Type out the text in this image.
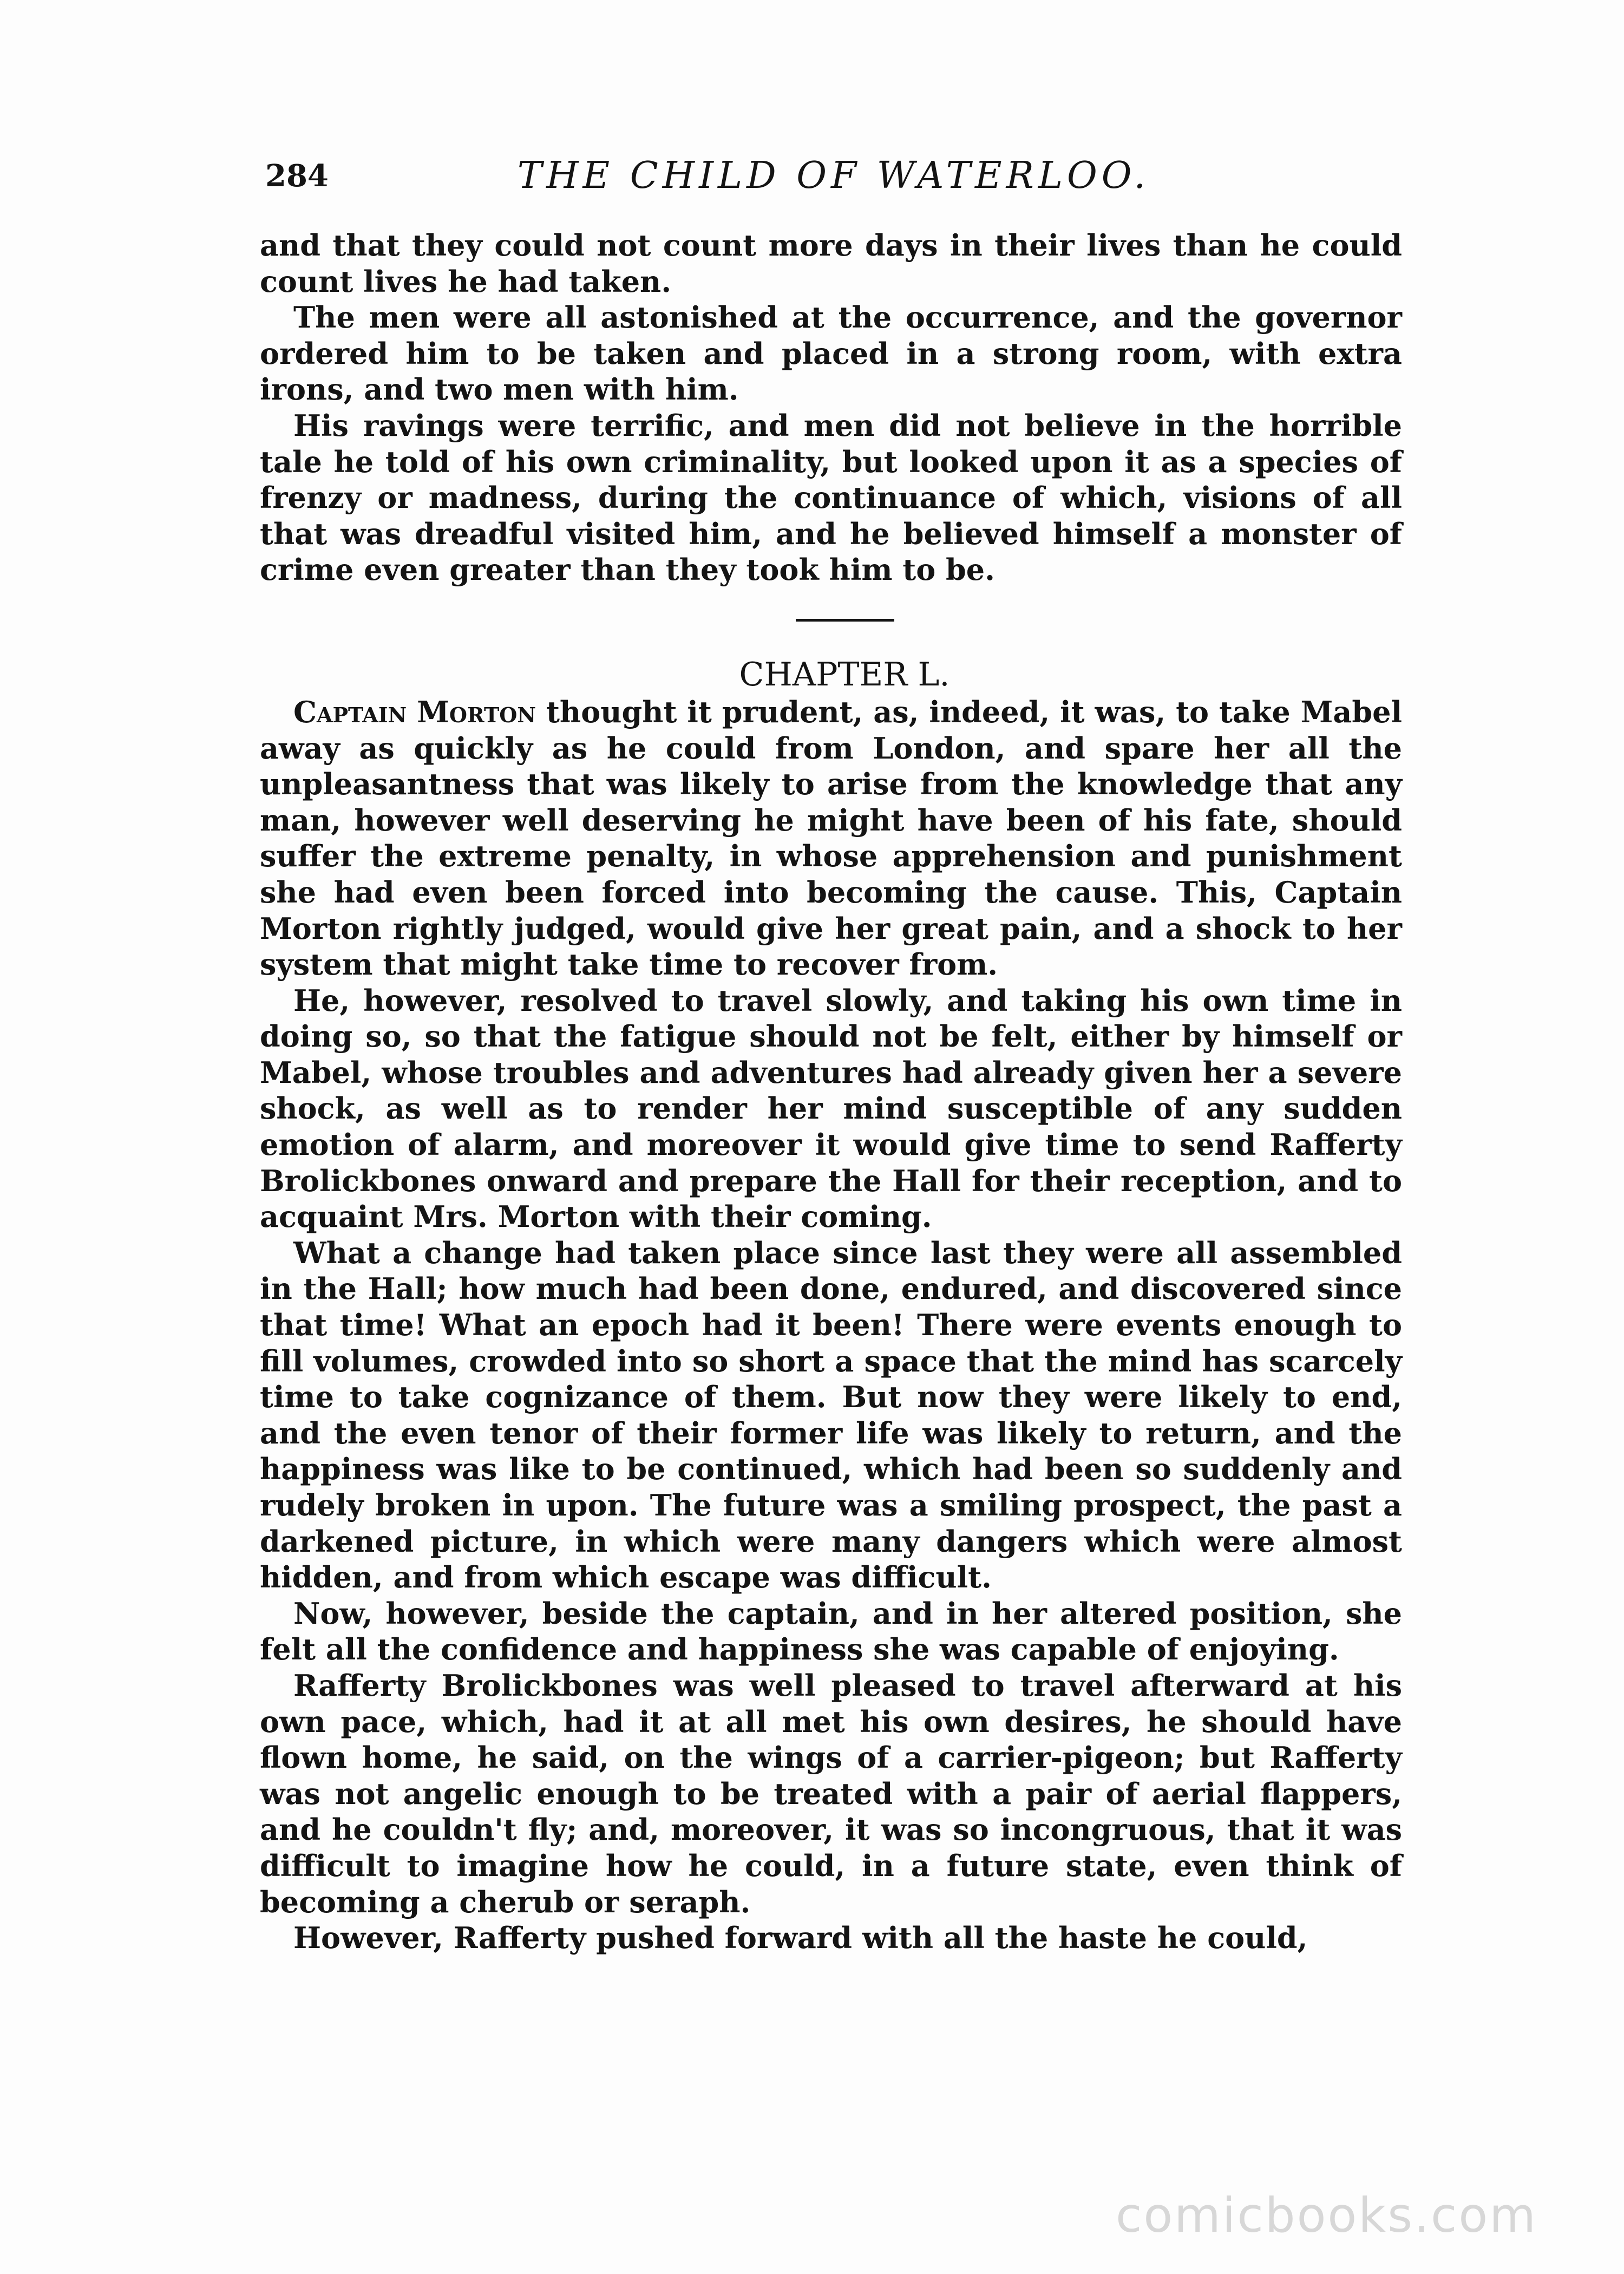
284	THE CHILD OF WATERLOO.

and that they could not count more days in their lives than he could count lives he had taken.

The men were all astonished at the occurrence, and the governor ordered him to be taken and placed in a strong room, with extra irons, and two men with him.

His ravings were terrific, and men did not believe in the horrible tale he told of his own criminality, but looked upon it as a species of frenzy or madness, during the continuance of which, visions of all that was dreadful visited him, and he believed himself a monster of crime even greater than they took him to be.

CHAPTER L.

Captain Morton thought it prudent, as, indeed, it was, to take Mabel away as quickly as he could from London, and spare her all the unpleasantness that was likely to arise from the knowledge that any man, however well deserving he might have been of his fate, should suffer the extreme penalty, in whose apprehension and punishment she had even been forced into becoming the cause. This, Captain Morton rightly judged, would give her great pain, and a shock to her system that might take time to recover from.

He, however, resolved to travel slowly, and taking his own time in doing so, so that the fatigue should not be felt, either by himself or Mabel, whose troubles and adventures had already given her a severe shock, as well as to render her mind susceptible of any sudden emotion of alarm, and moreover it would give time to send Rafferty Brolickbones onward and prepare the Hall for their reception, and to acquaint Mrs. Morton with their coming.

What a change had taken place since last they were all assembled in the Hall; how much had been done, endured, and discovered since that time! What an epoch had it been! There were events enough to fill volumes, crowded into so short a space that the mind has scarcely time to take cognizance of them. But now they were likely to end, and the even tenor of their former life was likely to return, and the happiness was like to be continued, which had been so suddenly and rudely broken in upon. The future was a smiling prospect, the past a darkened picture, in which were many dangers which were almost hidden, and from which escape was difficult.

Now, however, beside the captain, and in her altered position, she felt all the confidence and happiness she was capable of enjoying.

Rafferty Brolickbones was well pleased to travel afterward at his own pace, which, had it at all met his own desires, he should have flown home, he said, on the wings of a carrier-pigeon; but Rafferty was not angelic enough to be treated with a pair of aerial flappers, and he couldn't fly; and, moreover, it was so incongruous, that it was difficult to imagine how he could, in a future state, even think of becoming a cherub or seraph.

However, Rafferty pushed forward with all the haste he could,

comicbooks.com
